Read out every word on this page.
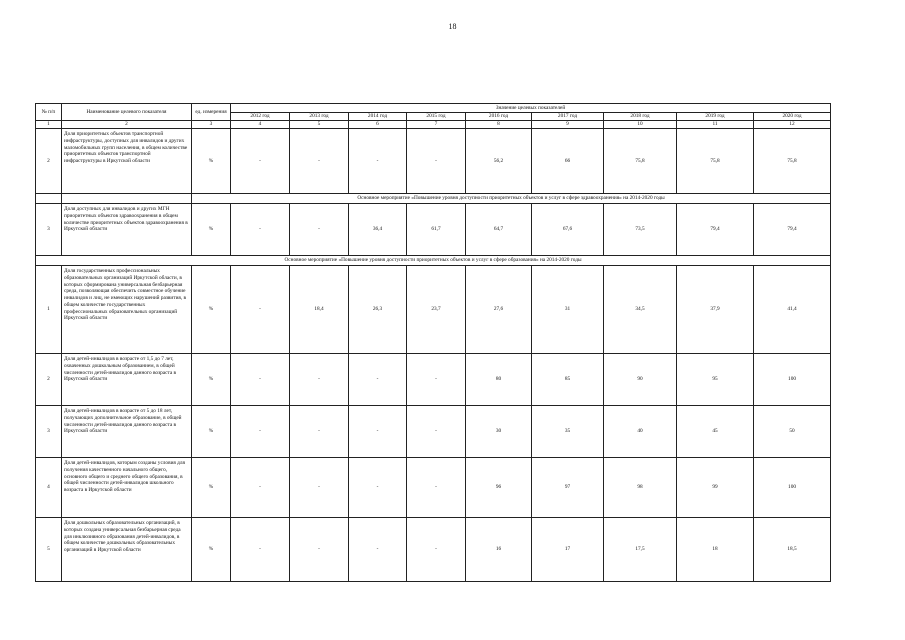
18
№ п/п	Наименование целевого показателя	ед. измерения	Значение целевых показателей								
			2012 год	2013 год	2014 год	2015 год	2016 год	2017 год	2018 год	2019 год	2020 год
1	2	3	4	5	6	7	8	9	10	11	12
2	Доля приоритетных объектов транспортной инфраструктуры, доступных для инвалидов и других маломобильных групп населения, в общем количестве приоритетных объектов транспортной инфраструктуры в Иркутской области	%	-	-	-	-	56,2	66	75,8	75,8	75,8
		Основное мероприятие «Повышение уровня доступности приоритетных объектов и услуг в сфере здравоохранения» на 2014-2020 годы									
3	Доля доступных для инвалидов и других МГН приоритетных объектов здравоохранения в общем количестве приоритетных объектов здравоохранения в Иркутской области	%	-	-	36,4	61,7	64,7	67,6	73,5	79,4	79,4
Основное мероприятие «Повышение уровня доступности приоритетных объектов и услуг в сфере образования» на 2014-2020 годы											
1	Доля государственных профессиональных образовательных организаций Иркутской области, в которых сформирована универсальная безбарьерная среда, позволяющая обеспечить совместное обучение инвалидов и лиц, не имеющих нарушений развития, в общем количестве государственных профессиональных образовательных организаций Иркутской области	%	-	18,4	26,3	23,7	27,6	31	34,5	37,9	41,4
2	Доля детей-инвалидов в возрасте от 1,5 до 7 лет, охваченных дошкольным образованием, в общей численности детей-инвалидов данного возраста в Иркутской области	%	-	-	-	-	80	85	90	95	100
3	Доля детей-инвалидов в возрасте от 5 до 18 лет, получающих дополнительное образование, в общей численности детей-инвалидов данного возраста в Иркутской области	%	-	-	-	-	30	35	40	45	50
4	Доля детей-инвалидов, которым созданы условия для получения качественного начального общего, основного общего и среднего общего образования, в общей численности детей-инвалидов школьного возраста в Иркутской области	%	-	-	-	-	96	97	98	99	100
5	Доля дошкольных образовательных организаций, в которых создана универсальная безбарьерная среда для инклюзивного образования детей-инвалидов, в общем количестве дошкольных образовательных организаций в Иркутской области	%	-	-	-	-	16	17	17,5	18	18,5
